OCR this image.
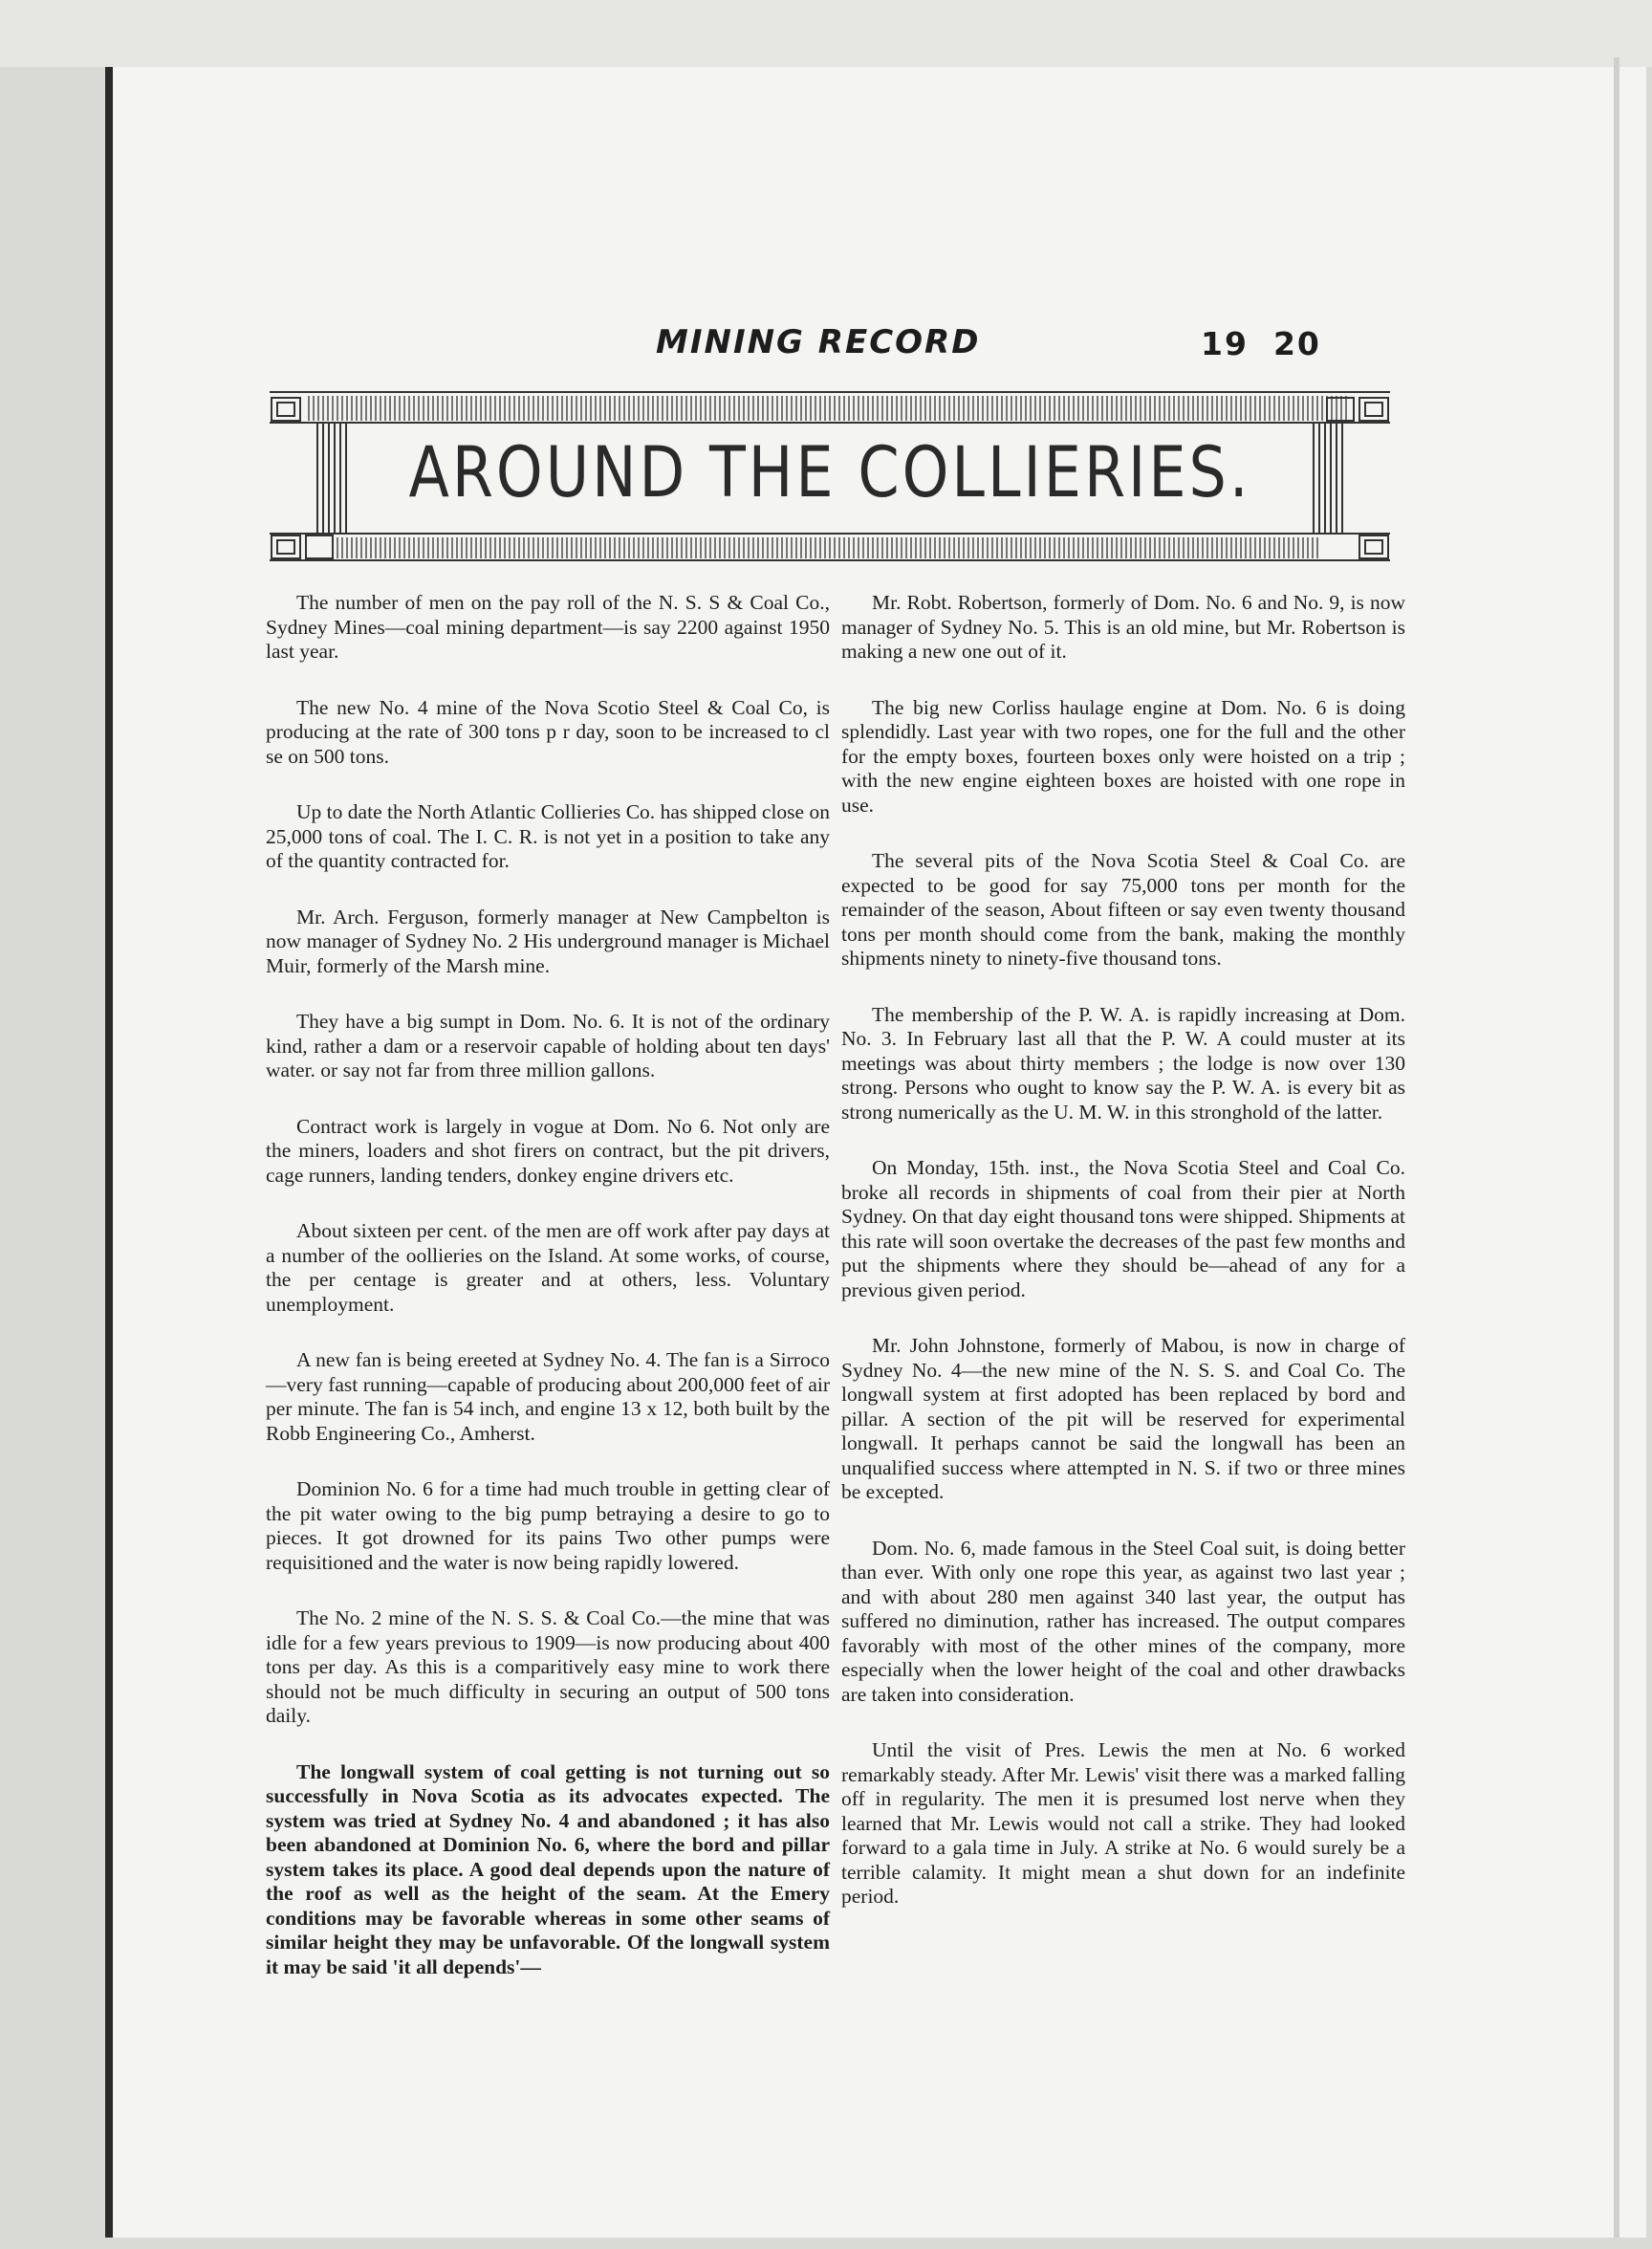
MINING RECORD	19 20
AROUND THE COLLIERIES.

The number of men on the pay roll of the N. S. S & Coal Co., Sydney Mines—coal mining department—is say 2200 against 1950 last year.

The new No. 4 mine of the Nova Scotio Steel & Coal Co, is producing at the rate of 300 tons p r day, soon to be increased to cl se on 500 tons.

Up to date the North Atlantic Collieries Co. has shipped close on 25,000 tons of coal. The I. C. R. is not yet in a position to take any of the quantity contracted for.

Mr. Arch. Ferguson, formerly manager at New Campbelton is now manager of Sydney No. 2 His underground manager is Michael Muir, formerly of the Marsh mine.

They have a big sumpt in Dom. No. 6. It is not of the ordinary kind, rather a dam or a reservoir capable of holding about ten days' water. or say not far from three million gallons.

Contract work is largely in vogue at Dom. No 6. Not only are the miners, loaders and shot firers on contract, but the pit drivers, cage runners, landing tenders, donkey engine drivers etc.

About sixteen per cent. of the men are off work after pay days at a number of the oollieries on the Island. At some works, of course, the per centage is greater and at others, less. Voluntary unemployment.

A new fan is being ereeted at Sydney No. 4. The fan is a Sirroco—very fast running—capable of producing about 200,000 feet of air per minute. The fan is 54 inch, and engine 13 x 12, both built by the Robb Engineering Co., Amherst.

Dominion No. 6 for a time had much trouble in getting clear of the pit water owing to the big pump betraying a desire to go to pieces. It got drowned for its pains Two other pumps were requisitioned and the water is now being rapidly lowered.

The No. 2 mine of the N. S. S. & Coal Co.—the mine that was idle for a few years previous to 1909—is now producing about 400 tons per day. As this is a comparitively easy mine to work there should not be much difficulty in securing an output of 500 tons daily.

The longwall system of coal getting is not turning out so successfully in Nova Scotia as its advocates expected. The system was tried at Sydney No. 4 and abandoned ; it has also been abandoned at Dominion No. 6, where the bord and pillar system takes its place. A good deal depends upon the nature of the roof as well as the height of the seam. At the Emery conditions may be favorable whereas in some other seams of similar height they may be unfavorable. Of the longwall system it may be said 'it all depends'—

Mr. Robt. Robertson, formerly of Dom. No. 6 and No. 9, is now manager of Sydney No. 5. This is an old mine, but Mr. Robertson is making a new one out of it.

The big new Corliss haulage engine at Dom. No. 6 is doing splendidly. Last year with two ropes, one for the full and the other for the empty boxes, fourteen boxes only were hoisted on a trip ; with the new engine eighteen boxes are hoisted with one rope in use.

The several pits of the Nova Scotia Steel & Coal Co. are expected to be good for say 75,000 tons per month for the remainder of the season, About fifteen or say even twenty thousand tons per month should come from the bank, making the monthly shipments ninety to ninety-five thousand tons.

The membership of the P. W. A. is rapidly increasing at Dom. No. 3. In February last all that the P. W. A could muster at its meetings was about thirty members ; the lodge is now over 130 strong. Persons who ought to know say the P. W. A. is every bit as strong numerically as the U. M. W. in this stronghold of the latter.

On Monday, 15th. inst., the Nova Scotia Steel and Coal Co. broke all records in shipments of coal from their pier at North Sydney. On that day eight thousand tons were shipped. Shipments at this rate will soon overtake the decreases of the past few months and put the shipments where they should be—ahead of any for a previous given period.

Mr. John Johnstone, formerly of Mabou, is now in charge of Sydney No. 4—the new mine of the N. S. S. and Coal Co. The longwall system at first adopted has been replaced by bord and pillar. A section of the pit will be reserved for experimental longwall. It perhaps cannot be said the longwall has been an unqualified success where attempted in N. S. if two or three mines be excepted.

Dom. No. 6, made famous in the Steel Coal suit, is doing better than ever. With only one rope this year, as against two last year ; and with about 280 men against 340 last year, the output has suffered no diminution, rather has increased. The output compares favorably with most of the other mines of the company, more especially when the lower height of the coal and other drawbacks are taken into consideration.

Until the visit of Pres. Lewis the men at No. 6 worked remarkably steady. After Mr. Lewis' visit there was a marked falling off in regularity. The men it is presumed lost nerve when they learned that Mr. Lewis would not call a strike. They had looked forward to a gala time in July. A strike at No. 6 would surely be a terrible calamity. It might mean a shut down for an indefinite period.
